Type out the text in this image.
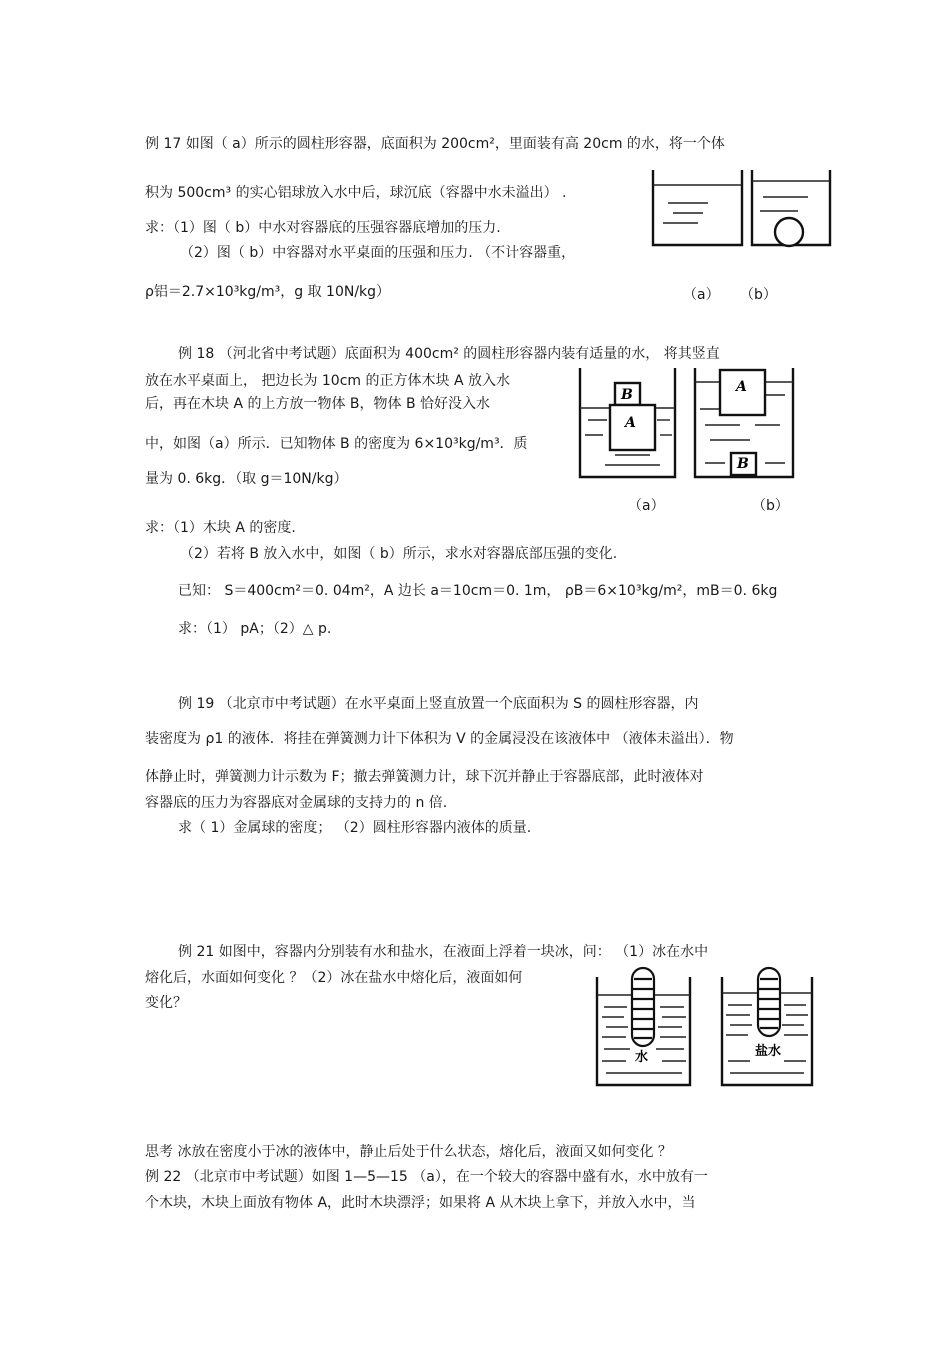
例 17 如图（ a）所示的圆柱形容器，底面积为 200cm²，里面装有高 20cm 的水，将一个体
积为 500cm³ 的实心铝球放入水中后，球沉底（容器中水未溢出） .
求：（1）图（ b）中水对容器底的压强容器底增加的压力.
（2）图（ b）中容器对水平桌面的压强和压力. （不计容器重，
ρ铝＝2.7×10³kg/m³，g 取 10N/kg）	（a） （b）
例 18 （河北省中考试题）底面积为 400cm² 的圆柱形容器内装有适量的水， 将其竖直
放在水平桌面上， 把边长为 10cm 的正方体木块 A 放入水
后，再在木块 A 的上方放一物体 B，物体 B 恰好没入水
中，如图（a）所示．已知物体 B 的密度为 6×10³kg/m³．质
量为 0. 6kg．（取 g＝10N/kg）
B
A
A
B
（a）	（b）
求：（1）木块 A 的密度.
（2）若将 B 放入水中，如图（ b）所示，求水对容器底部压强的变化.
已知： S＝400cm²＝0. 04m²，A 边长 a＝10cm＝0. 1m， ρB＝6×10³kg/m²，mB＝0. 6kg
求：（1） pA；（2）△ p.
例 19 （北京市中考试题）在水平桌面上竖直放置一个底面积为 S 的圆柱形容器，内
装密度为 ρ1 的液体．将挂在弹簧测力计下体积为 V 的金属浸没在该液体中 （液体未溢出）．物
体静止时，弹簧测力计示数为 F；撤去弹簧测力计，球下沉并静止于容器底部，此时液体对
容器底的压力为容器底对金属球的支持力的 n 倍.
求（ 1）金属球的密度； （2）圆柱形容器内液体的质量.
例 21 如图中，容器内分别装有水和盐水，在液面上浮着一块冰，问： （1）冰在水中
熔化后，水面如何变化 ？（2）冰在盐水中熔化后，液面如何
变化？
水	盐水
思考 冰放在密度小于冰的液体中，静止后处于什么状态，熔化后，液面又如何变化 ？
例 22 （北京市中考试题）如图 1—5—15 （a），在一个较大的容器中盛有水，水中放有一
个木块，木块上面放有物体 A，此时木块漂浮；如果将 A 从木块上拿下，并放入水中，当
